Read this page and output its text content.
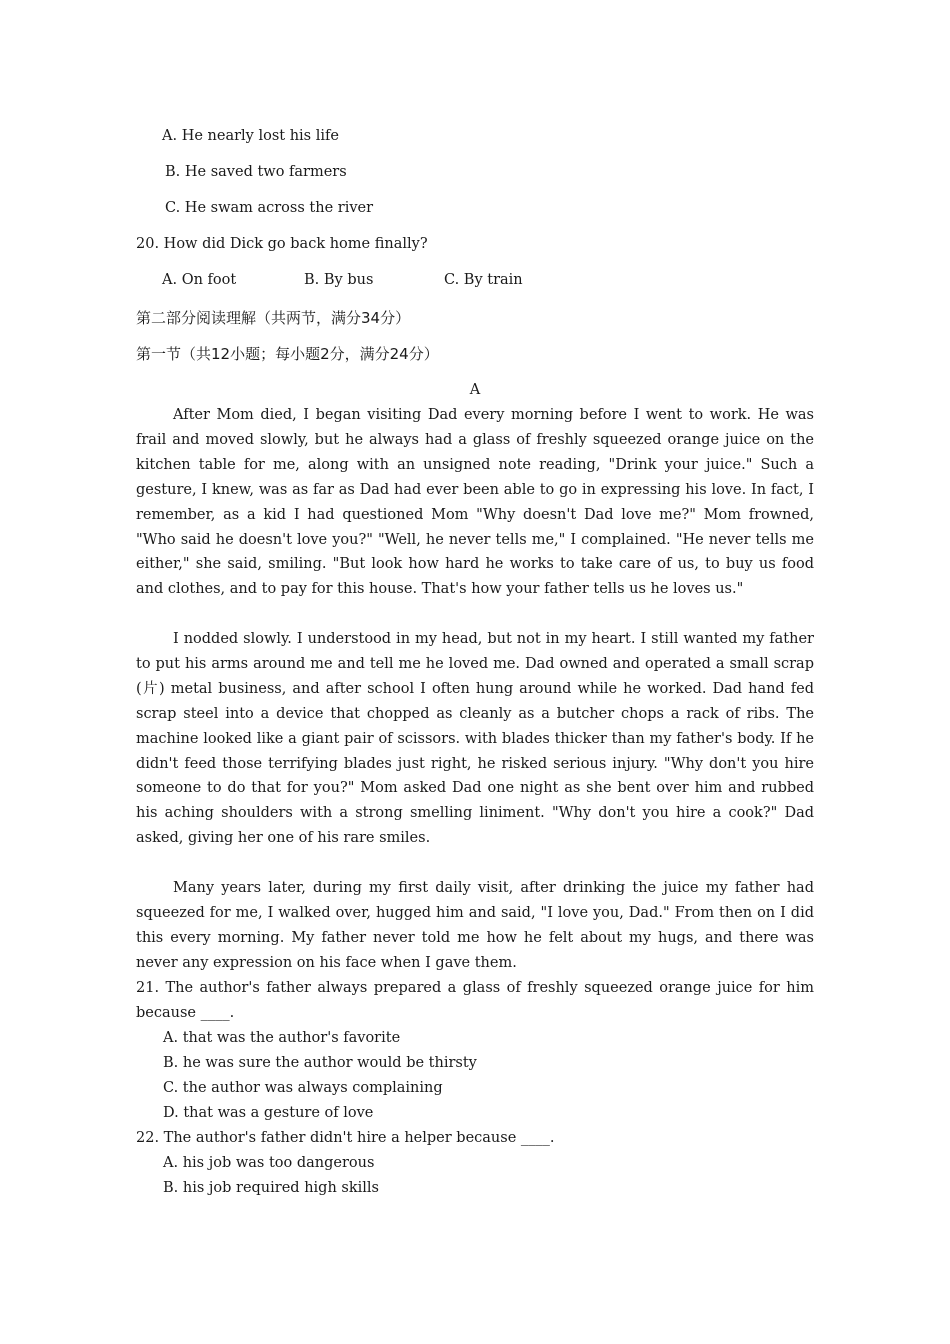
A. He nearly lost his life
B. He saved two farmers
C. He swam across the river
20. How did Dick go back home finally?
A. On foot	B. By bus	C. By train
第二部分阅读理解（共两节，满分34分）
第一节（共12小题；每小题2分，满分24分）
A

After Mom died, I began visiting Dad every morning before I went to work. He was frail and moved slowly, but he always had a glass of freshly squeezed orange juice on the kitchen table for me, along with an unsigned note reading, "Drink your juice." Such a gesture, I knew, was as far as Dad had ever been able to go in expressing his love. In fact, I remember, as a kid I had questioned Mom "Why doesn't Dad love me?" Mom frowned, "Who said he doesn't love you?" "Well, he never tells me," I complained. "He never tells me either," she said, smiling. "But look how hard he works to take care of us, to buy us food and clothes, and to pay for this house. That's how your father tells us he loves us."

I nodded slowly. I understood in my head, but not in my heart. I still wanted my father to put his arms around me and tell me he loved me. Dad owned and operated a small scrap (片) metal business, and after school I often hung around while he worked. Dad hand fed scrap steel into a device that chopped as cleanly as a butcher chops a rack of ribs. The machine looked like a giant pair of scissors. with blades thicker than my father's body. If he didn't feed those terrifying blades just right, he risked serious injury. "Why don't you hire someone to do that for you?" Mom asked Dad one night as she bent over him and rubbed his aching shoulders with a strong smelling liniment. "Why don't you hire a cook?" Dad asked, giving her one of his rare smiles.

Many years later, during my first daily visit, after drinking the juice my father had squeezed for me, I walked over, hugged him and said, "I love you, Dad." From then on I did this every morning. My father never told me how he felt about my hugs, and there was never any expression on his face when I gave them.

21. The author's father always prepared a glass of freshly squeezed orange juice for him because ____.

A. that was the author's favorite
B. he was sure the author would be thirsty
C. the author was always complaining
D. that was a gesture of love
22. The author's father didn't hire a helper because ____.
A. his job was too dangerous
B. his job required high skills
